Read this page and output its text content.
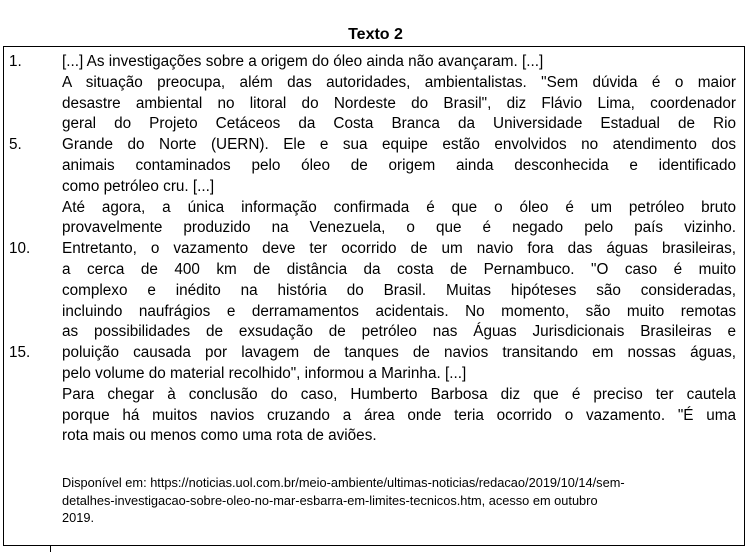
Texto 2
1.	[...] As investigações sobre a origem do óleo ainda não avançaram. [...]
A situação preocupa, além das autoridades, ambientalistas. "Sem dúvida é o maior
desastre ambiental no litoral do Nordeste do Brasil", diz Flávio Lima, coordenador
geral do Projeto Cetáceos da Costa Branca da Universidade Estadual de Rio
5.	Grande do Norte (UERN). Ele e sua equipe estão envolvidos no atendimento dos
animais contaminados pelo óleo de origem ainda desconhecida e identificado
como petróleo cru. [...]
Até agora, a única informação confirmada é que o óleo é um petróleo bruto
provavelmente produzido na Venezuela, o que é negado pelo país vizinho.
10. Entretanto, o vazamento deve ter ocorrido de um navio fora das águas brasileiras,
a cerca de 400 km de distância da costa de Pernambuco. "O caso é muito
complexo e inédito na história do Brasil. Muitas hipóteses são consideradas,
incluindo naufrágios e derramamentos acidentais. No momento, são muito remotas
as possibilidades de exsudação de petróleo nas Águas Jurisdicionais Brasileiras e
15. poluição causada por lavagem de tanques de navios transitando em nossas águas,
pelo volume do material recolhido", informou a Marinha. [...]
Para chegar à conclusão do caso, Humberto Barbosa diz que é preciso ter cautela
porque há muitos navios cruzando a área onde teria ocorrido o vazamento. "É uma
rota mais ou menos como uma rota de aviões.
Disponível em: https://noticias.uol.com.br/meio-ambiente/ultimas-noticias/redacao/2019/10/14/sem-
detalhes-investigacao-sobre-oleo-no-mar-esbarra-em-limites-tecnicos.htm, acesso em outubro
2019.
